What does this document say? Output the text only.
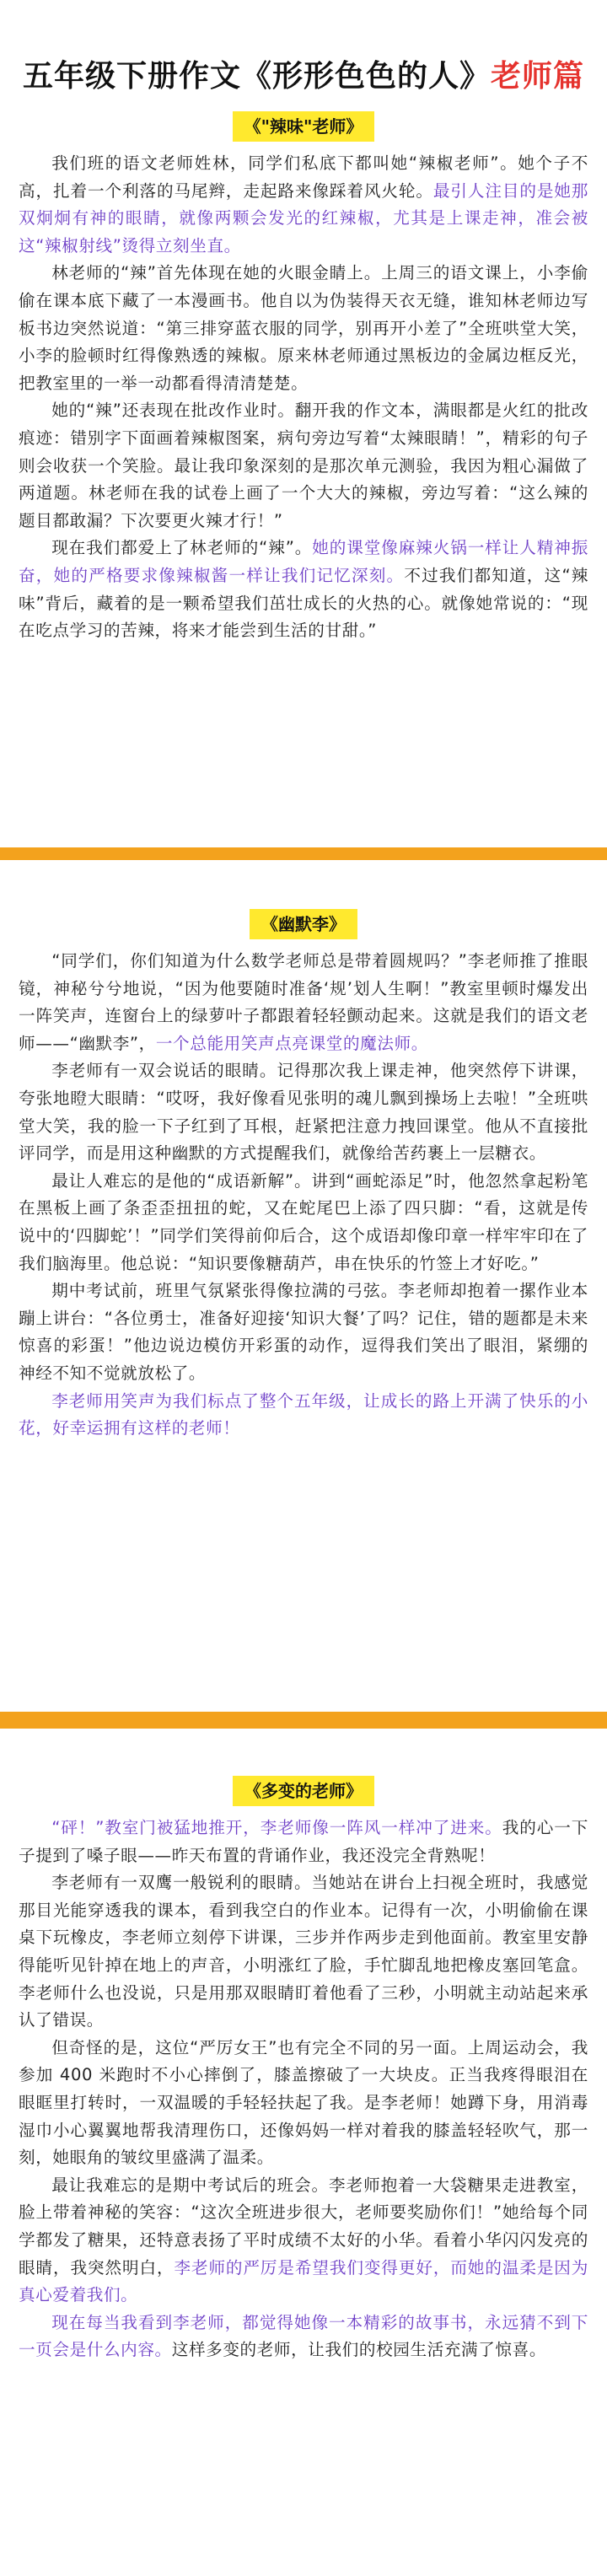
五年级下册作文《形形色色的人》老师篇
《"辣味"老师》

我们班的语文老师姓林，同学们私底下都叫她“辣椒老师”。她个子不高，扎着一个利落的马尾辫，走起路来像踩着风火轮。最引人注目的是她那双炯炯有神的眼睛，就像两颗会发光的红辣椒，尤其是上课走神，准会被这“辣椒射线”烫得立刻坐直。

林老师的“辣”首先体现在她的火眼金睛上。上周三的语文课上，小李偷偷在课本底下藏了一本漫画书。他自以为伪装得天衣无缝，谁知林老师边写板书边突然说道：“第三排穿蓝衣服的同学，别再开小差了”全班哄堂大笑，小李的脸顿时红得像熟透的辣椒。原来林老师通过黑板边的金属边框反光，把教室里的一举一动都看得清清楚楚。

她的“辣”还表现在批改作业时。翻开我的作文本，满眼都是火红的批改痕迹：错别字下面画着辣椒图案，病句旁边写着“太辣眼睛！”，精彩的句子则会收获一个笑脸。最让我印象深刻的是那次单元测验，我因为粗心漏做了两道题。林老师在我的试卷上画了一个大大的辣椒，旁边写着：“这么辣的题目都敢漏？下次要更火辣才行！”

现在我们都爱上了林老师的“辣”。她的课堂像麻辣火锅一样让人精神振奋，她的严格要求像辣椒酱一样让我们记忆深刻。不过我们都知道，这“辣味”背后，藏着的是一颗希望我们茁壮成长的火热的心。就像她常说的：“现在吃点学习的苦辣，将来才能尝到生活的甘甜。”

《幽默李》

“同学们，你们知道为什么数学老师总是带着圆规吗？”李老师推了推眼镜，神秘兮兮地说，“因为他要随时准备‘规’划人生啊！”教室里顿时爆发出一阵笑声，连窗台上的绿萝叶子都跟着轻轻颤动起来。这就是我们的语文老师——“幽默李”，一个总能用笑声点亮课堂的魔法师。

李老师有一双会说话的眼睛。记得那次我上课走神，他突然停下讲课，夸张地瞪大眼睛：“哎呀，我好像看见张明的魂儿飘到操场上去啦！”全班哄堂大笑，我的脸一下子红到了耳根，赶紧把注意力拽回课堂。他从不直接批评同学，而是用这种幽默的方式提醒我们，就像给苦药裹上一层糖衣。

最让人难忘的是他的“成语新解”。讲到“画蛇添足”时，他忽然拿起粉笔在黑板上画了条歪歪扭扭的蛇，又在蛇尾巴上添了四只脚：“看，这就是传说中的‘四脚蛇’！”同学们笑得前仰后合，这个成语却像印章一样牢牢印在了我们脑海里。他总说：“知识要像糖葫芦，串在快乐的竹签上才好吃。”

期中考试前，班里气氛紧张得像拉满的弓弦。李老师却抱着一摞作业本蹦上讲台：“各位勇士，准备好迎接‘知识大餐’了吗？记住，错的题都是未来惊喜的彩蛋！”他边说边模仿开彩蛋的动作，逗得我们笑出了眼泪，紧绷的神经不知不觉就放松了。

李老师用笑声为我们标点了整个五年级，让成长的路上开满了快乐的小花，好幸运拥有这样的老师！

《多变的老师》

“砰！”教室门被猛地推开，李老师像一阵风一样冲了进来。我的心一下子提到了嗓子眼——昨天布置的背诵作业，我还没完全背熟呢！

李老师有一双鹰一般锐利的眼睛。当她站在讲台上扫视全班时，我感觉那目光能穿透我的课本，看到我空白的作业本。记得有一次，小明偷偷在课桌下玩橡皮，李老师立刻停下讲课，三步并作两步走到他面前。教室里安静得能听见针掉在地上的声音，小明涨红了脸，手忙脚乱地把橡皮塞回笔盒。李老师什么也没说，只是用那双眼睛盯着他看了三秒，小明就主动站起来承认了错误。

但奇怪的是，这位“严厉女王”也有完全不同的另一面。上周运动会，我参加 400 米跑时不小心摔倒了，膝盖擦破了一大块皮。正当我疼得眼泪在眼眶里打转时，一双温暖的手轻轻扶起了我。是李老师！她蹲下身，用消毒湿巾小心翼翼地帮我清理伤口，还像妈妈一样对着我的膝盖轻轻吹气，那一刻，她眼角的皱纹里盛满了温柔。

最让我难忘的是期中考试后的班会。李老师抱着一大袋糖果走进教室，脸上带着神秘的笑容：“这次全班进步很大，老师要奖励你们！”她给每个同学都发了糖果，还特意表扬了平时成绩不太好的小华。看着小华闪闪发亮的眼睛，我突然明白，李老师的严厉是希望我们变得更好，而她的温柔是因为真心爱着我们。

现在每当我看到李老师，都觉得她像一本精彩的故事书，永远猜不到下一页会是什么内容。这样多变的老师，让我们的校园生活充满了惊喜。
